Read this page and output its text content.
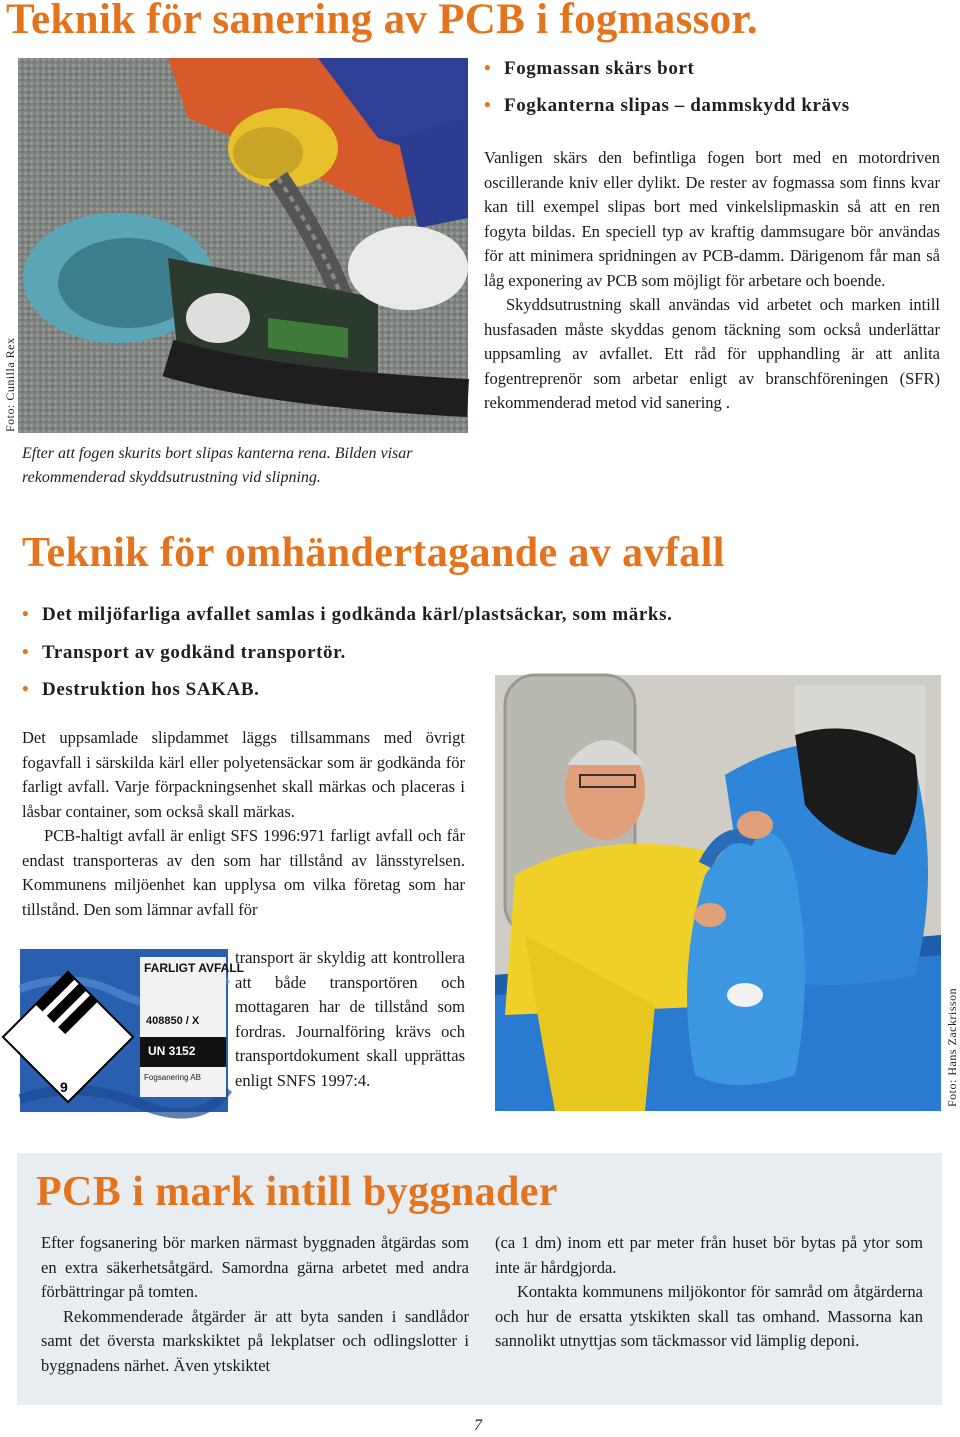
Teknik för sanering av PCB i fogmassor.
• Fogmassan skärs bort
• Fogkanterna slipas – dammskydd krävs
Foto: Cunilla Rex

Efter att fogen skurits bort slipas kanterna rena. Bilden visar rekommenderad skyddsutrustning vid slipning.

Vanligen skärs den befintliga fogen bort med en motordriven oscillerande kniv eller dylikt. De rester av fogmassa som finns kvar kan till exempel slipas bort med vinkelslipmaskin så att en ren fogyta bildas. En speciell typ av kraftig dammsugare bör användas för att minimera spridningen av PCB-damm. Därigenom får man så låg exponering av PCB som möjligt för arbetare och boende.

Skyddsutrustning skall användas vid arbetet och marken intill husfasaden måste skyddas genom täckning som också underlättar uppsamling av avfallet. Ett råd för upphandling är att anlita fogentreprenör som arbetar enligt av branschföreningen (SFR) rekommenderad metod vid sanering .

Teknik för omhändertagande av avfall
• Det miljöfarliga avfallet samlas i godkända kärl/plastsäckar, som märks.
• Transport av godkänd transportör.
• Destruktion hos SAKAB.

Det uppsamlade slipdammet läggs tillsammans med övrigt fogavfall i särskilda kärl eller polyetensäckar som är godkända för farligt avfall. Varje förpackningsenhet skall märkas och placeras i låsbar container, som också skall märkas.

PCB-haltigt avfall är enligt SFS 1996:971 farligt avfall och får endast transporteras av den som har tillstånd av länsstyrelsen. Kommunens miljöenhet kan upplysa om vilka företag som har tillstånd. Den som lämnar avfall för

FARLIGT AVFALL
408850 / X
UN 3152
Fogsanering AB
9

transport är skyldig att kontrollera att både transportören och mottagaren har de tillstånd som fordras. Journalföring krävs och transportdokument skall upprättas enligt SNFS 1997:4.	Foto: Hans Zackrisson
PCB i mark intill byggnader

Efter fogsanering bör marken närmast byggnaden åtgärdas som en extra säkerhetsåtgärd. Samordna gärna arbetet med andra förbättringar på tomten.

Rekommenderade åtgärder är att byta sanden i sandlådor samt det översta markskiktet på lekplatser och odlingslotter i byggnadens närhet. Även ytskiktet

(ca 1 dm) inom ett par meter från huset bör bytas på ytor som inte är hårdgjorda.

Kontakta kommunens miljökontor för samråd om åtgärderna och hur de ersatta ytskikten skall tas omhand. Massorna kan sannolikt utnyttjas som täckmassor vid lämplig deponi.

7
